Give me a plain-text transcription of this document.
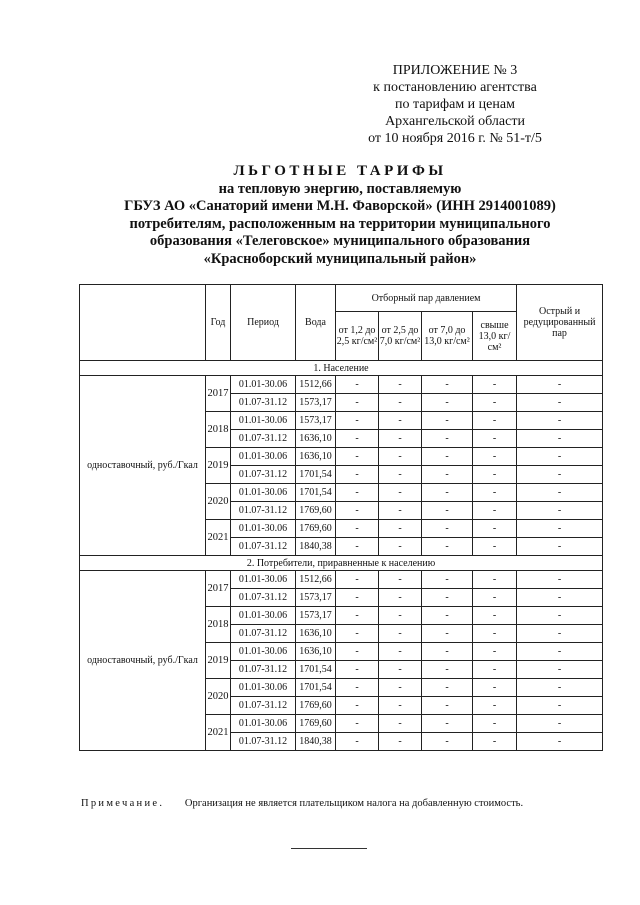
ПРИЛОЖЕНИЕ № 3
к постановлению агентства
по тарифам и ценам
Архангельской области
от 10 ноября 2016 г. № 51-т/5
ЛЬГОТНЫЕ ТАРИФЫ
на тепловую энергию, поставляемую
ГБУЗ АО «Санаторий имени М.Н. Фаворской» (ИНН 2914001089)
потребителям, расположенным на территории муниципального
образования «Телеговское» муниципального образования
«Красноборский муниципальный район»
	Год	Период	Вода	Отборный пар давлением				Острый и редуцированный пар
				от 1,2 до 2,5 кг/см²	от 2,5 до 7,0 кг/см²	от 7,0 до 13,0 кг/см²	свыше 13,0 кг/см²	
1. Население								
одноставочный, руб./Гкал	2017	01.01-30.06	1512,66	-	-	-	-	-
		01.07-31.12	1573,17	-	-	-	-	-
	2018	01.01-30.06	1573,17	-	-	-	-	-
		01.07-31.12	1636,10	-	-	-	-	-
	2019	01.01-30.06	1636,10	-	-	-	-	-
		01.07-31.12	1701,54	-	-	-	-	-
	2020	01.01-30.06	1701,54	-	-	-	-	-
		01.07-31.12	1769,60	-	-	-	-	-
	2021	01.01-30.06	1769,60	-	-	-	-	-
		01.07-31.12	1840,38	-	-	-	-	-
2. Потребители, приравненные к населению								
одноставочный, руб./Гкал	2017	01.01-30.06	1512,66	-	-	-	-	-
		01.07-31.12	1573,17	-	-	-	-	-
	2018	01.01-30.06	1573,17	-	-	-	-	-
		01.07-31.12	1636,10	-	-	-	-	-
	2019	01.01-30.06	1636,10	-	-	-	-	-
		01.07-31.12	1701,54	-	-	-	-	-
	2020	01.01-30.06	1701,54	-	-	-	-	-
		01.07-31.12	1769,60	-	-	-	-	-
	2021	01.01-30.06	1769,60	-	-	-	-	-
		01.07-31.12	1840,38	-	-	-	-	-
Примечание. Организация не является плательщиком налога на добавленную стоимость.
